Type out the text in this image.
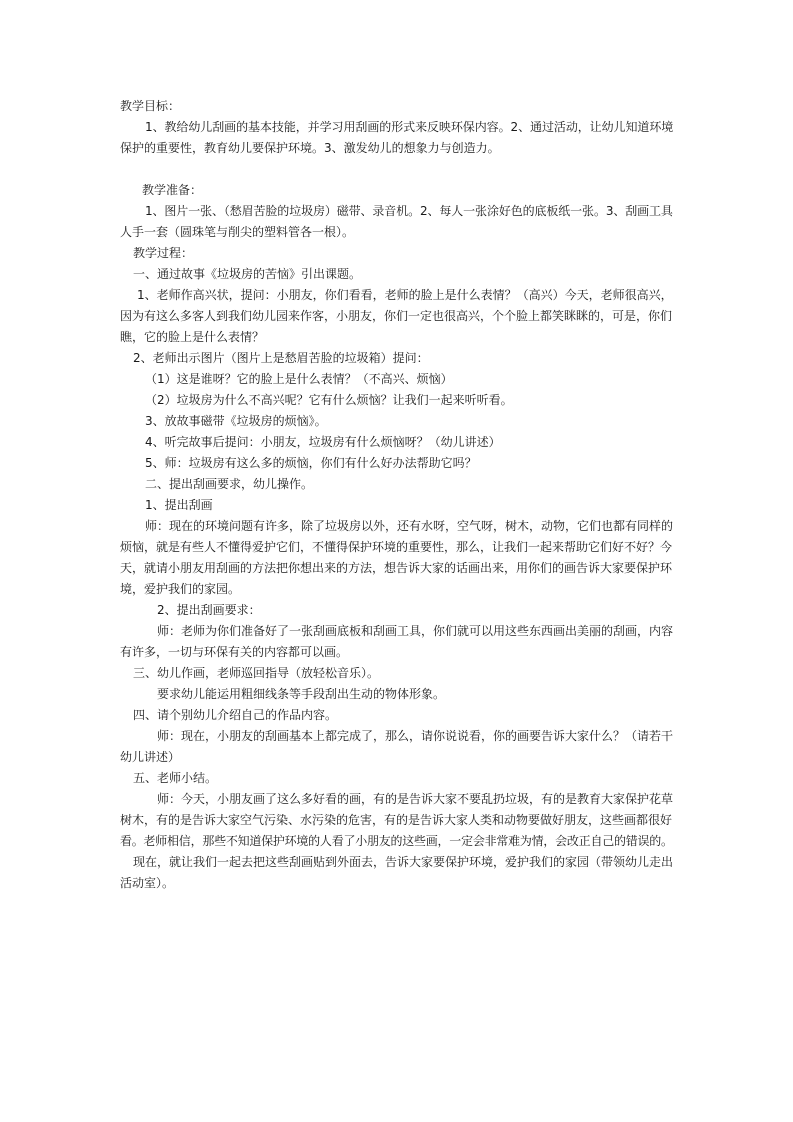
教学目标：
1、教给幼儿刮画的基本技能，并学习用刮画的形式来反映环保内容。2、通过活动，让幼儿知道环境
保护的重要性，教育幼儿要保护环境。3、激发幼儿的想象力与创造力。
教学准备：
1、图片一张、（愁眉苦脸的垃圾房）磁带、录音机。2、每人一张涂好色的底板纸一张。3、刮画工具
人手一套（圆珠笔与削尖的塑料管各一根）。
教学过程：
一、通过故事《垃圾房的苦恼》引出课题。
1、老师作高兴状，提问：小朋友，你们看看，老师的脸上是什么表情？（高兴）今天，老师很高兴，
因为有这么多客人到我们幼儿园来作客，小朋友，你们一定也很高兴，个个脸上都笑眯眯的，可是，你们
瞧，它的脸上是什么表情？
2、老师出示图片（图片上是愁眉苦脸的垃圾箱）提问：
（1）这是谁呀？它的脸上是什么表情？（不高兴、烦恼）
（2）垃圾房为什么不高兴呢？它有什么烦恼？让我们一起来听听看。
3、放故事磁带《垃圾房的烦恼》。
4、听完故事后提问：小朋友，垃圾房有什么烦恼呀？（幼儿讲述）
5、师：垃圾房有这么多的烦恼，你们有什么好办法帮助它吗？
二、提出刮画要求，幼儿操作。
1、提出刮画
师：现在的环境问题有许多，除了垃圾房以外，还有水呀，空气呀，树木，动物，它们也都有同样的
烦恼，就是有些人不懂得爱护它们，不懂得保护环境的重要性，那么，让我们一起来帮助它们好不好？今
天，就请小朋友用刮画的方法把你想出来的方法，想告诉大家的话画出来，用你们的画告诉大家要保护环
境，爱护我们的家园。
2、提出刮画要求：
师：老师为你们准备好了一张刮画底板和刮画工具，你们就可以用这些东西画出美丽的刮画，内容
有许多，一切与环保有关的内容都可以画。
三、幼儿作画，老师巡回指导（放轻松音乐）。
要求幼儿能运用粗细线条等手段刮出生动的物体形象。
四、请个别幼儿介绍自己的作品内容。
师：现在，小朋友的刮画基本上都完成了，那么，请你说说看，你的画要告诉大家什么？（请若干
幼儿讲述）
五、老师小结。
师：今天，小朋友画了这么多好看的画，有的是告诉大家不要乱扔垃圾，有的是教育大家保护花草
树木，有的是告诉大家空气污染、水污染的危害，有的是告诉大家人类和动物要做好朋友，这些画都很好
看。老师相信，那些不知道保护环境的人看了小朋友的这些画，一定会非常难为情，会改正自己的错误的。
现在，就让我们一起去把这些刮画贴到外面去，告诉大家要保护环境，爱护我们的家园（带领幼儿走出
活动室）。
